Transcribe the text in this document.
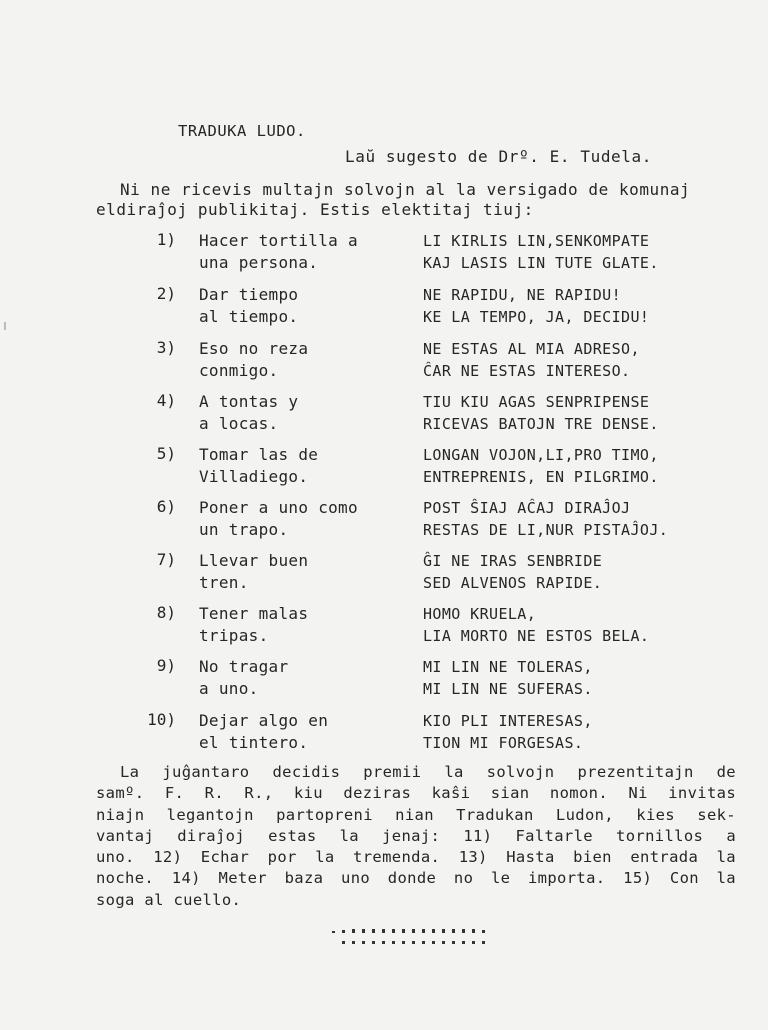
TRADUKA LUDO.
Laŭ sugesto de Drº. E. Tudela.
Ni ne ricevis multajn solvojn al la versigado de komunaj
eldiraĵoj publikitaj. Estis elektitaj tiuj:
1) Hacer tortilla a
una persona.
LI KIRLIS LIN,SENKOMPATE
KAJ LASIS LIN TUTE GLATE.
2) Dar tiempo
al tiempo.
NE RAPIDU, NE RAPIDU!
KE LA TEMPO, JA, DECIDU!
3) Eso no reza
conmigo.
NE ESTAS AL MIA ADRESO,
ĈAR NE ESTAS INTERESO.
4) A tontas y
a locas.
TIU KIU AGAS SENPRIPENSE
RICEVAS BATOJN TRE DENSE.
5) Tomar las de
Villadiego.
LONGAN VOJON,LI,PRO TIMO,
ENTREPRENIS, EN PILGRIMO.
6) Poner a uno como
un trapo.
POST ŜIAJ AĈAJ DIRAĴOJ
RESTAS DE LI,NUR PISTAĴOJ.
7) Llevar buen
tren.
ĜI NE IRAS SENBRIDE
SED ALVENOS RAPIDE.
8) Tener malas
tripas.
HOMO KRUELA,
LIA MORTO NE ESTOS BELA.
9) No tragar
a uno.
MI LIN NE TOLERAS,
MI LIN NE SUFERAS.
10) Dejar algo en
el tintero.
KIO PLI INTERESAS,
TION MI FORGESAS.
La juĝantaro decidis premii la solvojn prezentitajn de
samº. F. R. R., kiu deziras kaŝi sian nomon. Ni invitas
niajn legantojn partopreni nian Tradukan Ludon, kies sek-
vantaj diraĵoj estas la jenaj: 11) Faltarle tornillos a
uno. 12) Echar por la tremenda. 13) Hasta bien entrada la
noche. 14) Meter baza uno donde no le importa. 15) Con la
soga al cuello.
